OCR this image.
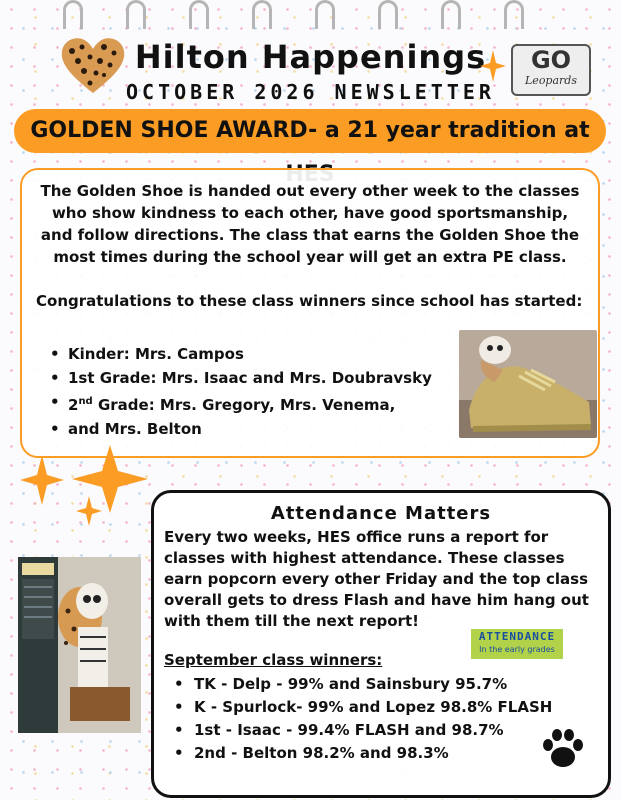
Hilton Happenings
OCTOBER 2026 NEWSLETTER
GO
Leopards
GOLDEN SHOE AWARD- a 21 year tradition at
The Golden Shoe is handed out every other week to the classes who show kindness to each other, have good sportsmanship, and follow directions. The class that earns the Golden Shoe the most times during the school year will get an extra PE class.
Congratulations to these class winners since school has started:
• Kinder: Mrs. Campos
• 1st Grade: Mrs. Isaac and Mrs. Doubravsky
• 2nd Grade: Mrs. Gregory, Mrs. Venema,
• and Mrs. Belton
Attendance Matters
Every two weeks, HES office runs a report for classes with highest attendance. These classes earn popcorn every other Friday and the top class overall gets to dress Flash and have him hang out with them till the next report!
ATTENDANCE
In the early grades
September class winners:
• TK - Delp - 99% and Sainsbury 95.7%
• K - Spurlock- 99% and Lopez 98.8% FLASH
• 1st - Isaac - 99.4% FLASH and 98.7%
• 2nd - Belton 98.2% and 98.3%
